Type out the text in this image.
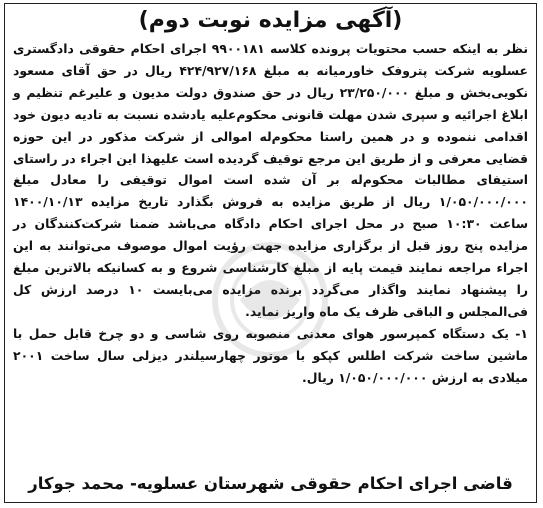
(آگهی مزایده نوبت دوم)

نظر به اینکه حسب محتویات پرونده کلاسه ۹۹۰۰۱۸۱ اجرای احکام حقوقی دادگستری عسلویه شرکت پتروفک خاورمیانه به مبلغ ۴۲۴/۹۲۷/۱۶۸ ریال در حق آقای مسعود نکویی‌بخش و مبلغ ۲۳/۲۵۰/۰۰۰ ریال در حق صندوق دولت مدیون و علیرغم تنظیم و ابلاغ اجرائیه و سپری شدن مهلت قانونی محکوم‌علیه یادشده نسبت به تادیه دیون خود اقدامی ننموده و در همین راستا محکوم‌له اموالی از شرکت مذکور در این حوزه قضایی معرفی و از طریق این مرجع توقیف گردیده است علیهذا این اجراء در راستای استیفای مطالبات محکوم‌له بر آن شده است اموال توقیفی را معادل مبلغ ۱/۰۵۰/۰۰۰/۰۰۰ ریال از طریق مزایده به فروش بگذارد تاریخ مزایده ۱۴۰۰/۱۰/۱۳ ساعت ۱۰:۳۰ صبح در محل اجرای احکام دادگاه می‌باشد ضمنا شرکت‌کنندگان در مزایده پنج روز قبل از برگزاری مزایده جهت رؤیت اموال موصوف می‌توانند به این اجراء مراجعه نمایند قیمت پایه از مبلغ کارشناسی شروع و به کسانیکه بالاترین مبلغ را پیشنهاد نمایند واگذار می‌گردد برنده مزایده می‌بایست ۱۰ درصد ارزش کل فی‌المجلس و الباقی ظرف یک ماه واریز نماید.

۱- یک دستگاه کمپرسور هوای معدنی منصوبه روی شاسی و دو چرخ قابل حمل با ماشین ساخت شرکت اطلس کپکو با موتور چهارسیلندر دیزلی سال ساخت ۲۰۰۱ میلادی به ارزش ۱/۰۵۰/۰۰۰/۰۰۰ ریال.

قاضی اجرای احکام حقوقی شهرستان عسلویه- محمد جوکار
